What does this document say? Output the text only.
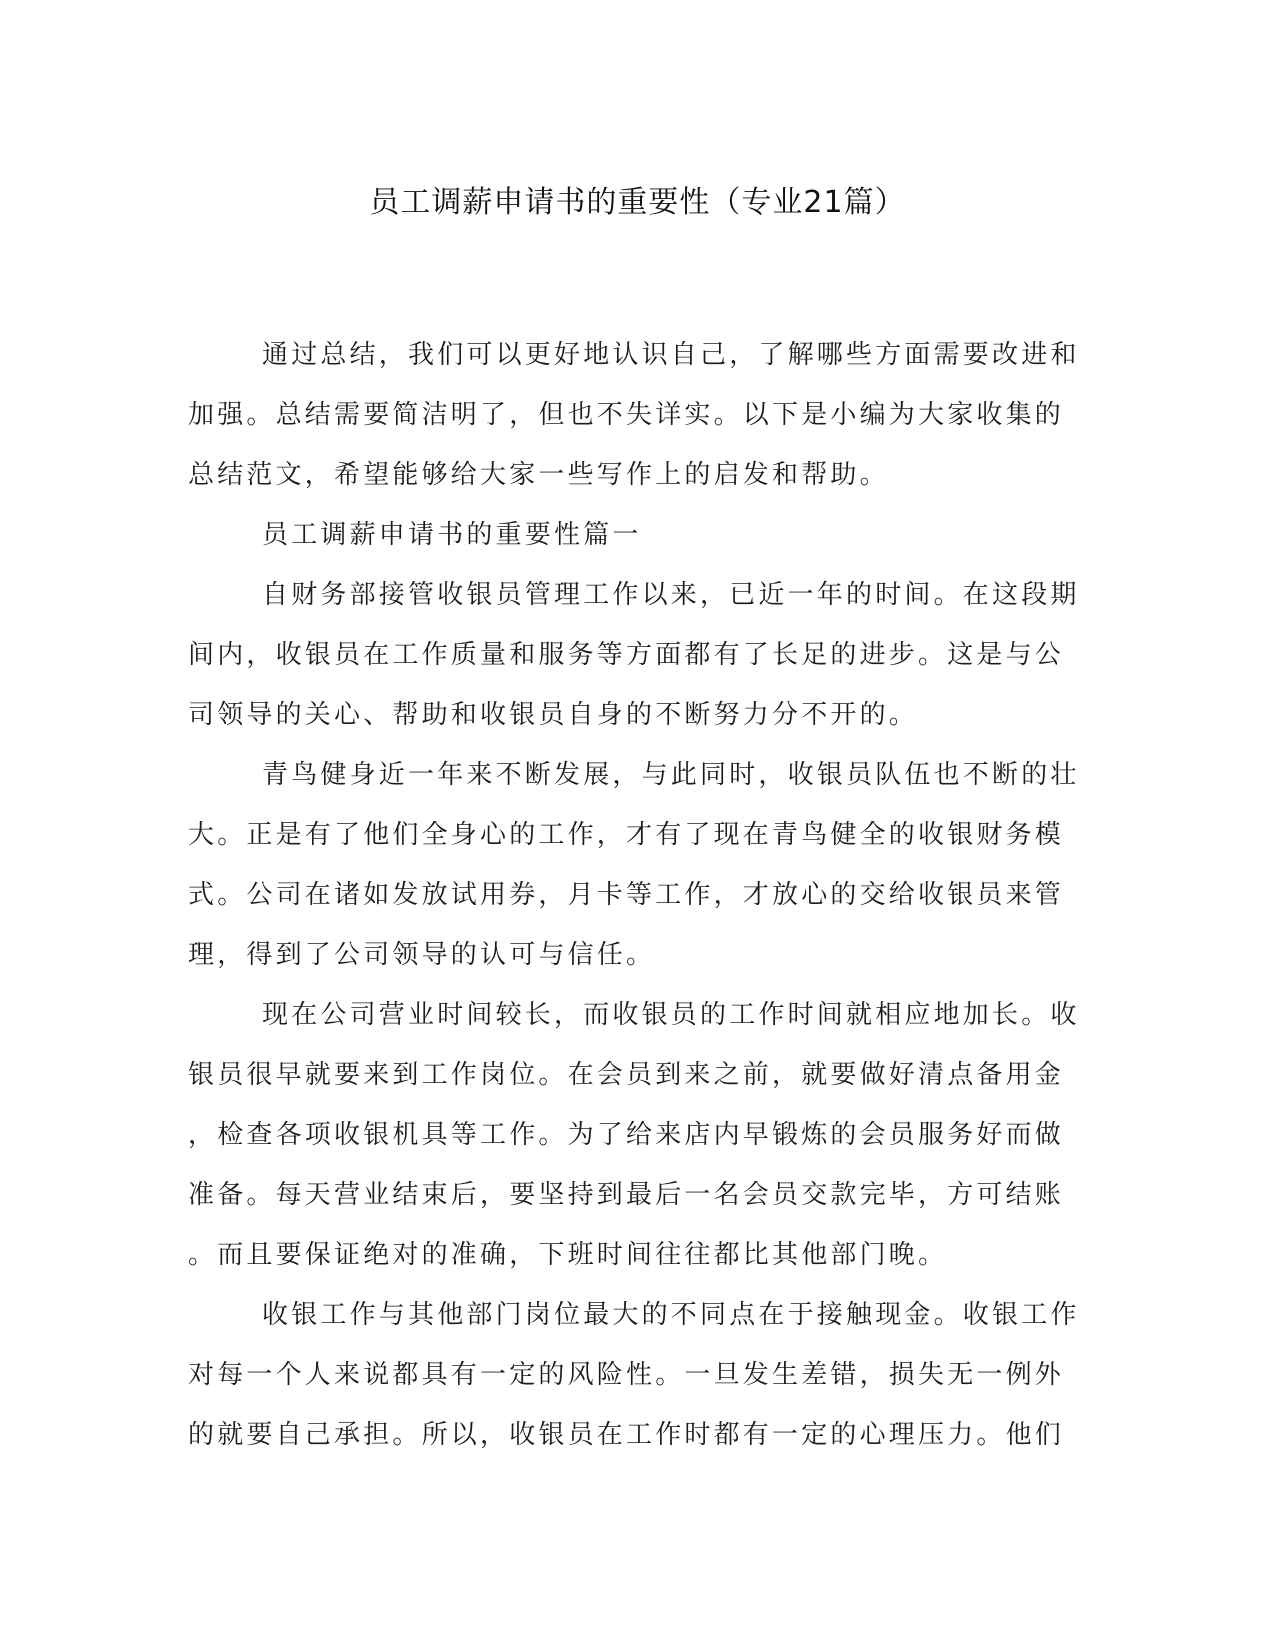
员工调薪申请书的重要性（专业21篇）
通过总结，我们可以更好地认识自己，了解哪些方面需要改进和
加强。总结需要简洁明了，但也不失详实。以下是小编为大家收集的
总结范文，希望能够给大家一些写作上的启发和帮助。
员工调薪申请书的重要性篇一
自财务部接管收银员管理工作以来，已近一年的时间。在这段期
间内，收银员在工作质量和服务等方面都有了长足的进步。这是与公
司领导的关心、帮助和收银员自身的不断努力分不开的。
青鸟健身近一年来不断发展，与此同时，收银员队伍也不断的壮
大。正是有了他们全身心的工作，才有了现在青鸟健全的收银财务模
式。公司在诸如发放试用券，月卡等工作，才放心的交给收银员来管
理，得到了公司领导的认可与信任。
现在公司营业时间较长，而收银员的工作时间就相应地加长。收
银员很早就要来到工作岗位。在会员到来之前，就要做好清点备用金
，检查各项收银机具等工作。为了给来店内早锻炼的会员服务好而做
准备。每天营业结束后，要坚持到最后一名会员交款完毕，方可结账
。而且要保证绝对的准确，下班时间往往都比其他部门晚。
收银工作与其他部门岗位最大的不同点在于接触现金。收银工作
对每一个人来说都具有一定的风险性。一旦发生差错，损失无一例外
的就要自己承担。所以，收银员在工作时都有一定的心理压力。他们
